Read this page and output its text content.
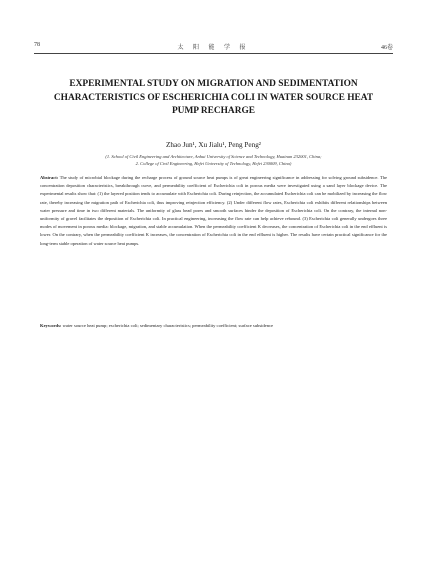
78	太 阳 能 学 报	46卷
EXPERIMENTAL STUDY ON MIGRATION AND SEDIMENTATION CHARACTERISTICS OF ESCHERICHIA COLI IN WATER SOURCE HEAT PUMP RECHARGE
Zhao Jun¹, Xu Jialu¹, Peng Peng²
(1. School of Civil Engineering and Architecture, Anhui University of Science and Technology, Huainan 232001, China;
2. College of Civil Engineering, Hefei University of Technology, Hefei 230009, China)
Abstract: The study of microbial blockage during the recharge process of ground source heat pumps is of great engineering significance in addressing for solving ground subsidence. The concentration deposition characteristics, breakthrough curve, and permeability coefficient of Escherichia coli in porous media were investigated using a sand layer blockage device. The experimental results show that: (1) the layered position tends to accumulate with Escherichia coli. During reinjection, the accumulated Escherichia coli can be mobilized by increasing the flow rate, thereby increasing the migration path of Escherichia coli, thus improving reinjection efficiency. (2) Under different flow rates, Escherichia coli exhibits different relationships between water pressure and time in two different materials. The uniformity of glass bead pores and smooth surfaces hinder the deposition of Escherichia coli. On the contrary, the internal non-uniformity of gravel facilitates the deposition of Escherichia coli. In practical engineering, increasing the flow rate can help achieve rebound. (3) Escherichia coli generally undergoes three modes of movement in porous media: blockage, migration, and stable accumulation. When the permeability coefficient K decreases, the concentration of Escherichia coli in the end effluent is lower. On the contrary, when the permeability coefficient K increases, the concentration of Escherichia coli in the end effluent is higher. The results have certain practical significance for the long-term stable operation of water source heat pumps.
Keywords: water source heat pump; escherichia coli; sedimentary characteristics; permeability coefficient; surface subsidence
